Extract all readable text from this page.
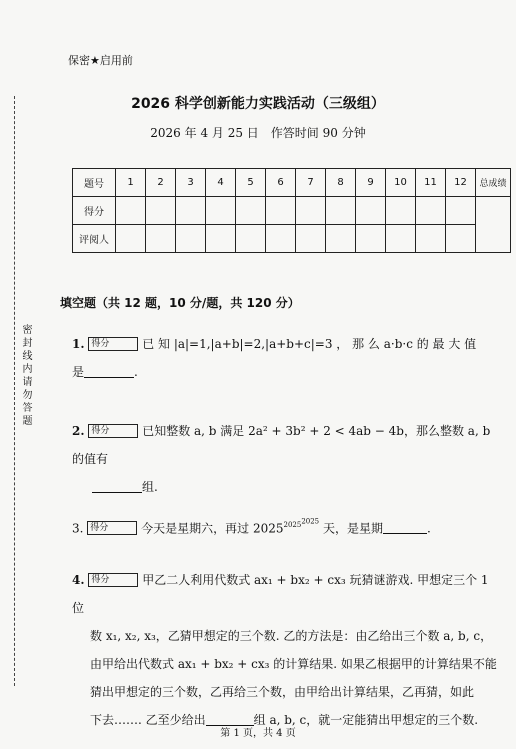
密封线内请勿答题
保密★启用前
2026 科学创新能力实践活动（三级组）
2026 年 4 月 25 日　作答时间 90 分钟
题号	1	2	3	4	5	6	7	8	9	10	11	12	总成绩
得分													
评阅人													
填空题（共 12 题，10 分/题，共 120 分）
1. 得分	已 知 |a|=1,|a+b|=2,|a+b+c|=3 ， 那 么 a·b·c 的 最 大 值
是	.
2. 得分	已知整数 a, b 满足 2a² + 3b² + 2 < 4ab − 4b，那么整数 a, b 的值有
组.
3. 得分	今天是星期六，再过 $2025^{2025^{2025}}$ 天，是星期	.
4. 得分	甲乙二人利用代数式 ax₁ + bx₂ + cx₃ 玩猜谜游戏. 甲想定三个 1 位
数 x₁, x₂, x₃，乙猜甲想定的三个数. 乙的方法是：由乙给出三个数 a, b, c，
由甲给出代数式 ax₁ + bx₂ + cx₃ 的计算结果. 如果乙根据甲的计算结果不能
猜出甲想定的三个数，乙再给三个数，由甲给出计算结果，乙再猜，如此
下去……. 乙至少给出	组 a, b, c，就一定能猜出甲想定的三个数.
第 1 页，共 4 页
